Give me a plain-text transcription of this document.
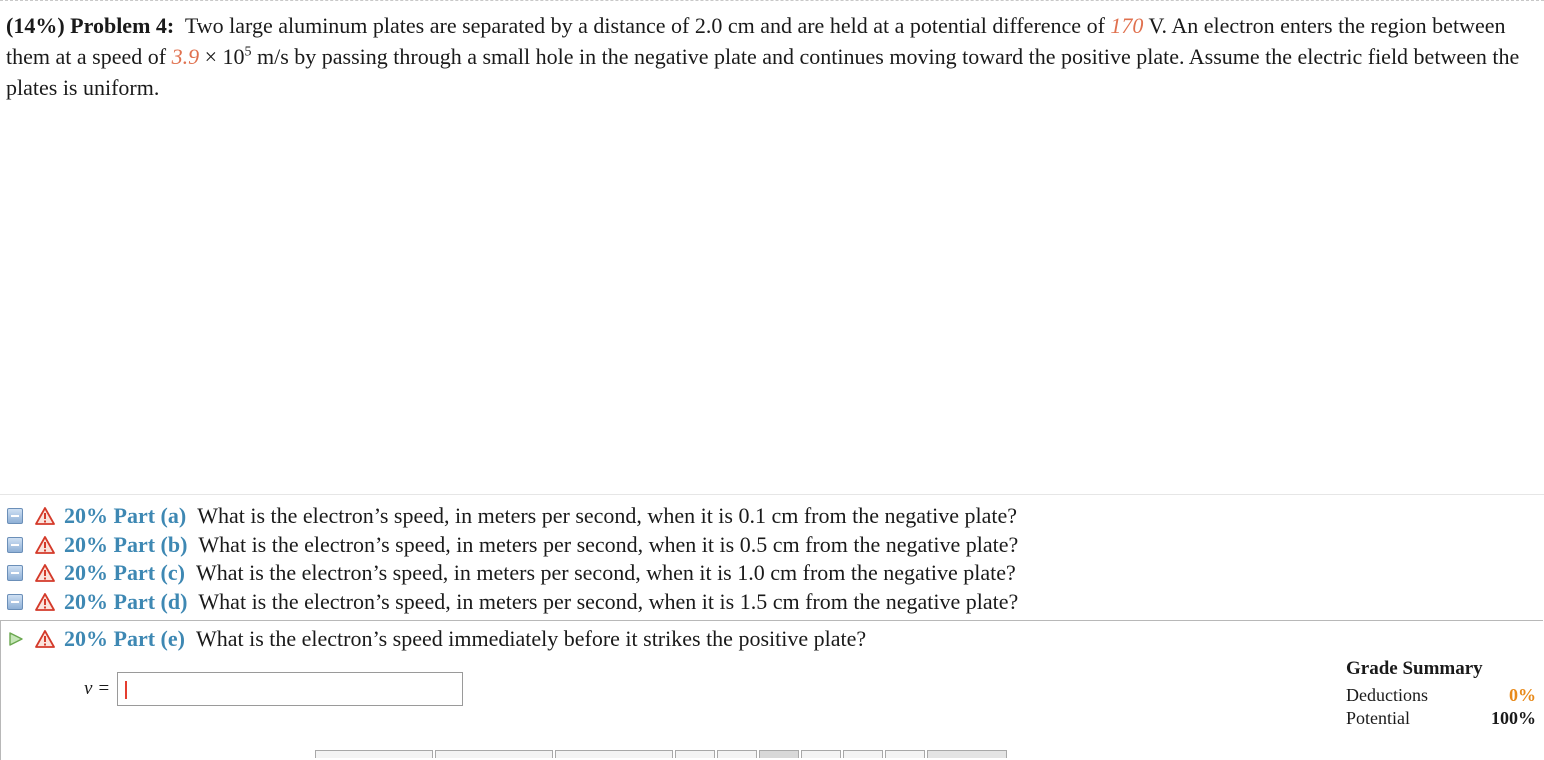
(14%) Problem 4: Two large aluminum plates are separated by a distance of 2.0 cm and are held at a potential difference of 170 V. An electron enters the region between them at a speed of $3.9 \times 10^5$ m/s by passing through a small hole in the negative plate and continues moving toward the positive plate. Assume the electric field between the plates is uniform.

20% Part (a) What is the electron’s speed, in meters per second, when it is 0.1 cm from the negative plate?
20% Part (b) What is the electron’s speed, in meters per second, when it is 0.5 cm from the negative plate?
20% Part (c) What is the electron’s speed, in meters per second, when it is 1.0 cm from the negative plate?
20% Part (d) What is the electron’s speed, in meters per second, when it is 1.5 cm from the negative plate?
20% Part (e) What is the electron’s speed immediately before it strikes the positive plate?
v =
Grade Summary
Deductions	0%
Potential	100%
